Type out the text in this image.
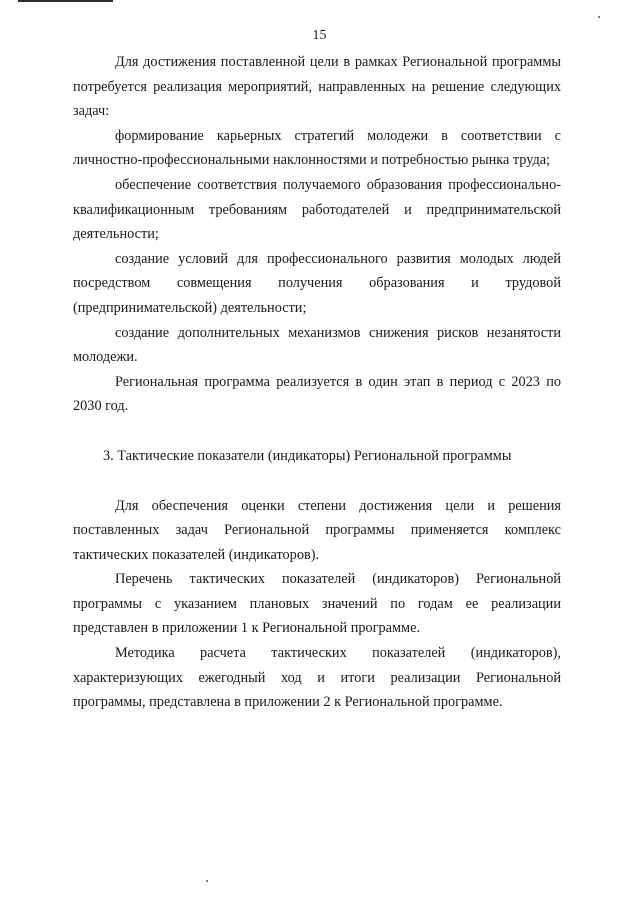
15

Для достижения поставленной цели в рамках Региональной программы потребуется реализация мероприятий, направленных на решение следующих задач:

формирование карьерных стратегий молодежи в соответствии с личностно-профессиональными наклонностями и потребностью рынка труда;

обеспечение соответствия получаемого образования профессионально-квалификационным требованиям работодателей и предпринимательской деятельности;

создание условий для профессионального развития молодых людей посредством совмещения получения образования и трудовой (предпринимательской) деятельности;

создание дополнительных механизмов снижения рисков незанятости молодежи.

Региональная программа реализуется в один этап в период с 2023 по 2030 год.

3. Тактические показатели (индикаторы) Региональной программы

Для обеспечения оценки степени достижения цели и решения поставленных задач Региональной программы применяется комплекс тактических показателей (индикаторов).

Перечень тактических показателей (индикаторов) Региональной программы с указанием плановых значений по годам ее реализации представлен в приложении 1 к Региональной программе.

Методика расчета тактических показателей (индикаторов), характеризующих ежегодный ход и итоги реализации Региональной программы, представлена в приложении 2 к Региональной программе.
